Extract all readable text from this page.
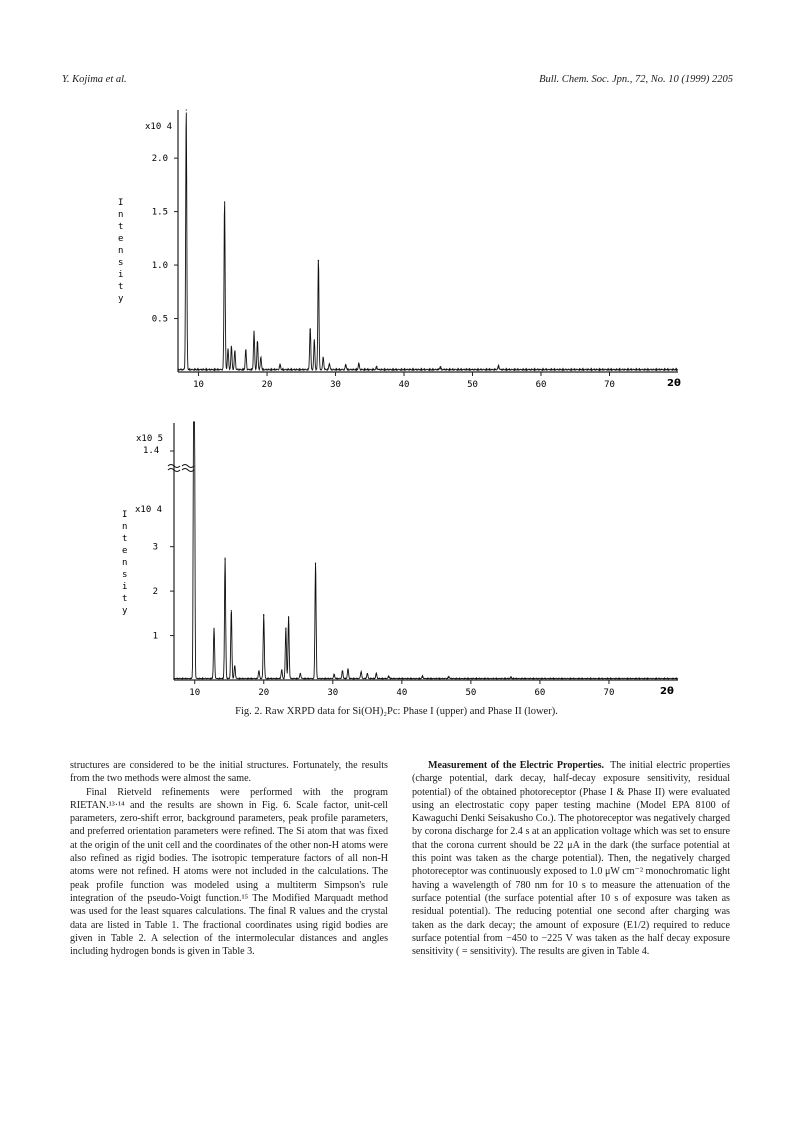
Y. Kojima et al.	Bull. Chem. Soc. Jpn., 72, No. 10 (1999) 2205
x10 4
I
n
t
e
n
s
i
t
y
2θ
10	20	30	40	50	60	70
0.5
1.0
1.5
2.0
x10 5
1.4
x10 4
I
n
t
e
n
s
i
t
y
2θ
10	20	30	40	50	60	70
1
2
3
Fig. 2. Raw XRPD data for Si(OH)₂Pc: Phase I (upper) and Phase II (lower).

structures are considered to be the initial structures. Fortunately, the results from the two methods were almost the same.

Final Rietveld refinements were performed with the program RIETAN.¹³·¹⁴ and the results are shown in Fig. 6. Scale factor, unit-cell parameters, zero-shift error, background parameters, peak profile parameters, and preferred orientation parameters were refined. The Si atom that was fixed at the origin of the unit cell and the coordinates of the other non-H atoms were also refined as rigid bodies. The isotropic temperature factors of all non-H atoms were not refined. H atoms were not included in the calculations. The peak profile function was modeled using a multiterm Simpson's rule integration of the pseudo-Voigt function.¹⁵ The Modified Marquadt method was used for the least squares calculations. The final R values and the crystal data are listed in Table 1. The fractional coordinates using rigid bodies are given in Table 2. A selection of the intermolecular distances and angles including hydrogen bonds is given in Table 3.

Measurement of the Electric Properties. The initial electric properties (charge potential, dark decay, half-decay exposure sensitivity, residual potential) of the obtained photoreceptor (Phase I & Phase II) were evaluated using an electrostatic copy paper testing machine (Model EPA 8100 of Kawaguchi Denki Seisakusho Co.). The photoreceptor was negatively charged by corona discharge for 2.4 s at an application voltage which was set to ensure that the corona current should be 22 μA in the dark (the surface potential at this point was taken as the charge potential). Then, the negatively charged photoreceptor was continuously exposed to 1.0 μW cm⁻² monochromatic light having a wavelength of 780 nm for 10 s to measure the attenuation of the surface potential (the surface potential after 10 s of exposure was taken as residual potential). The reducing potential one second after charging was taken as the dark decay; the amount of exposure (E1/2) required to reduce surface potential from −450 to −225 V was taken as the half decay exposure sensitivity ( = sensitivity). The results are given in Table 4.
